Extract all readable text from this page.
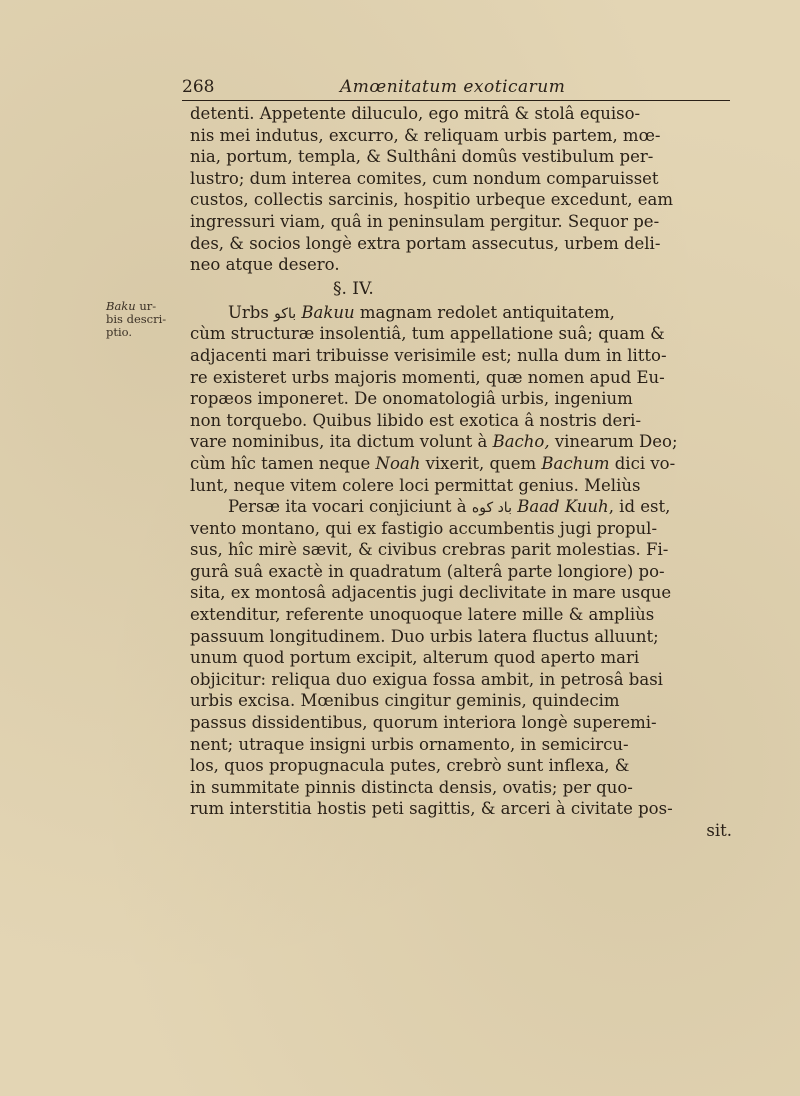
268	Amœnitatum exoticarum
Baku ur-
bis descri-
ptio.
detenti. Appetente diluculo, ego mitrâ & stolâ equiso-
nis mei indutus, excurro, & reliquam urbis partem, mœ-
nia, portum, templa, & Sulthâni domûs vestibulum per-
lustro; dum interea comites, cum nondum comparuisset
custos, collectis sarcinis, hospitio urbeque excedunt, eam
ingressuri viam, quâ in peninsulam pergitur. Sequor pe-
des, & socios longè extra portam assecutus, urbem deli-
neo atque desero.
§. IV.
Urbs باكو Bakuu magnam redolet antiquitatem,
cùm structuræ insolentiâ, tum appellatione suâ; quam &
adjacenti mari tribuisse verisimile est; nulla dum in litto-
re existeret urbs majoris momenti, quæ nomen apud Eu-
ropæos imponeret. De onomatologiâ urbis, ingenium
non torquebo. Quibus libido est exotica â nostris deri-
vare nominibus, ita dictum volunt à Bacho, vinearum Deo;
cùm hîc tamen neque Noah vixerit, quem Bachum dici vo-
lunt, neque vitem colere loci permittat genius. Meliùs
Persæ ita vocari conjiciunt à باد کوه Baad Kuuh, id est,
vento montano, qui ex fastigio accumbentis jugi propul-
sus, hîc mirè sævit, & civibus crebras parit molestias. Fi-
gurâ suâ exactè in quadratum (alterâ parte longiore) po-
sita, ex montosâ adjacentis jugi declivitate in mare usque
extenditur, referente unoquoque latere mille & ampliùs
passuum longitudinem. Duo urbis latera fluctus alluunt;
unum quod portum excipit, alterum quod aperto mari
objicitur: reliqua duo exigua fossa ambit, in petrosâ basi
urbis excisa. Mœnibus cingitur geminis, quindecim
passus dissidentibus, quorum interiora longè superemi-
nent; utraque insigni urbis ornamento, in semicircu-
los, quos propugnacula putes, crebrò sunt inflexa, &
in summitate pinnis distincta densis, ovatis; per quo-
rum interstitia hostis peti sagittis, & arceri à civitate pos-
sit.
